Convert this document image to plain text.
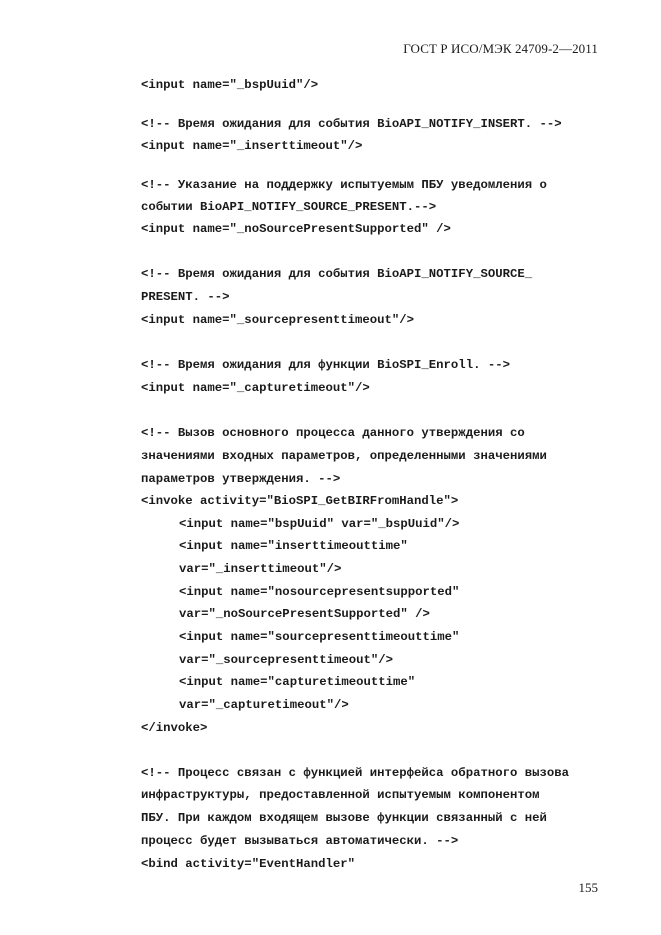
ГОСТ Р ИСО/МЭК 24709-2—2011

<input name="_bspUuid"/>

<!-- Время ожидания для события BioAPI_NOTIFY_INSERT. -->

<input name="_inserttimeout"/>

<!-- Указание на поддержку испытуемым ПБУ уведомления о

событии BioAPI_NOTIFY_SOURCE_PRESENT.-->

<input name="_noSourcePresentSupported" />

<!-- Время ожидания для события BioAPI_NOTIFY_SOURCE_

PRESENT. -->

<input name="_sourcepresenttimeout"/>

<!-- Время ожидания для функции BioSPI_Enroll. -->

<input name="_capturetimeout"/>

<!-- Вызов основного процесса данного утверждения со

значениями входных параметров, определенными значениями

параметров утверждения. -->

<invoke activity="BioSPI_GetBIRFromHandle">

<input name="bspUuid" var="_bspUuid"/>

<input name="inserttimeouttime"

var="_inserttimeout"/>

<input name="nosourcepresentsupported"

var="_noSourcePresentSupported" />

<input name="sourcepresenttimeouttime"

var="_sourcepresenttimeout"/>

<input name="capturetimeouttime"

var="_capturetimeout"/>

</invoke>

<!-- Процесс связан с функцией интерфейса обратного вызова

инфраструктуры, предоставленной испытуемым компонентом

ПБУ. При каждом входящем вызове функции связанный с ней

процесс будет вызываться автоматически. -->

<bind activity="EventHandler"

155
